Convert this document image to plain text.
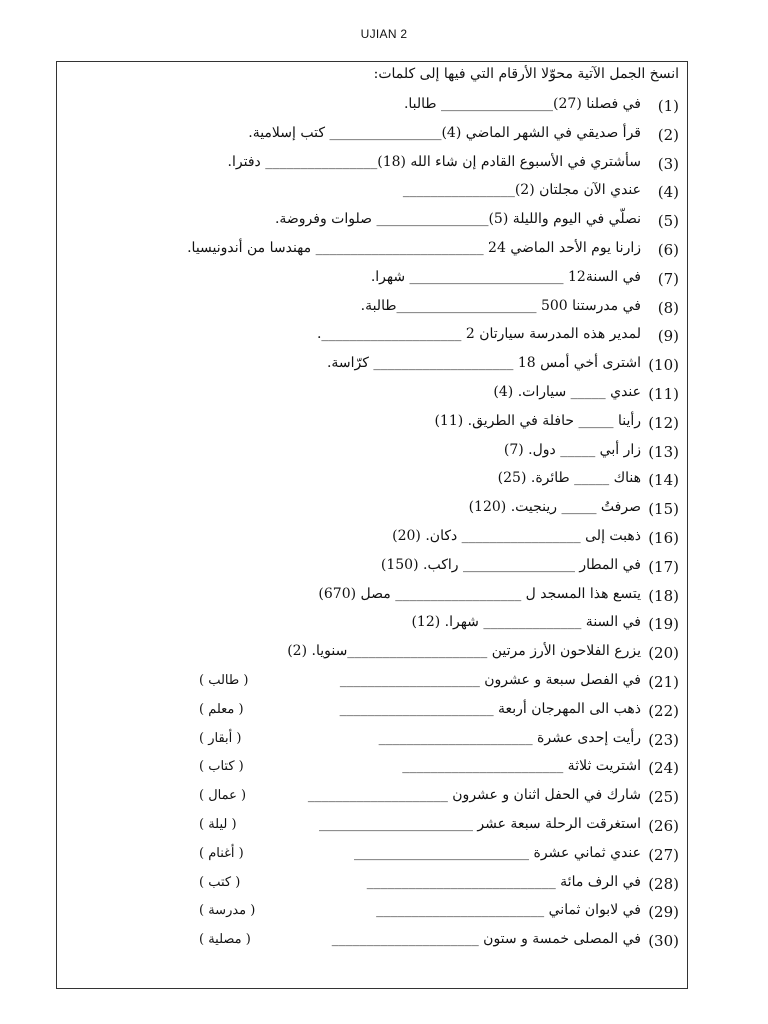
UJIAN 2
انسخ الجمل الآتية محوّلا الأرقام التي فيها إلى كلمات:
(1)
في فصلنا (27)________________ طالبا.
(2)
قرأ صديقي في الشهر الماضي (4)________________ كتب إسلامية.
(3)
سأشتري في الأسبوع القادم إن شاء الله (18)________________ دفترا.
(4)
عندي الآن مجلتان (2)________________
(5)
نصلّي في اليوم والليلة (5)________________ صلوات وفروضة.
(6)
زارنا يوم الأحد الماضي 24 ________________________ مهندسا من أندونيسيا.
(7)
في السنة12 ______________________ شهرا.
(8)
في مدرستنا 500 ____________________طالبة.
(9)
لمدير هذه المدرسة سيارتان 2 ____________________.
(10)
اشترى أخي أمس 18 ____________________ كرّاسة.
(11)
عندي _____ سيارات. (4)
(12)
رأينا _____ حافلة في الطريق. (11)
(13)
زار أبي _____ دول. (7)
(14)
هناك _____ طائرة. (25)
(15)
صرفتُ _____ رينجيت. (120)
(16)
ذهبت إلى _________________ دكان. (20)
(17)
في المطار ________________ راكب. (150)
(18)
يتسع هذا المسجد ل __________________ مصل (670)
(19)
في السنة ______________ شهرا. (12)
(20)
يزرع الفلاحون الأرز مرتين ____________________سنويا. (2)
(21)
في الفصل سبعة و عشرون ____________________
( طالب )
(22)
ذهب الى المهرجان أربعة ______________________
( معلم )
(23)
رأيت إحدى عشرة ______________________
( أبقار )
(24)
اشتريت ثلاثة _______________________
( كتاب )
(25)
شارك في الحفل اثنان و عشرون ____________________
( عمال )
(26)
استغرقت الرحلة سبعة عشر ______________________
( ليلة )
(27)
عندي ثماني عشرة _________________________
( أغنام )
(28)
في الرف مائة ___________________________
( كتب )
(29)
في لابوان ثماني ________________________
( مدرسة )
(30)
في المصلى خمسة و ستون _____________________
( مصلية )
